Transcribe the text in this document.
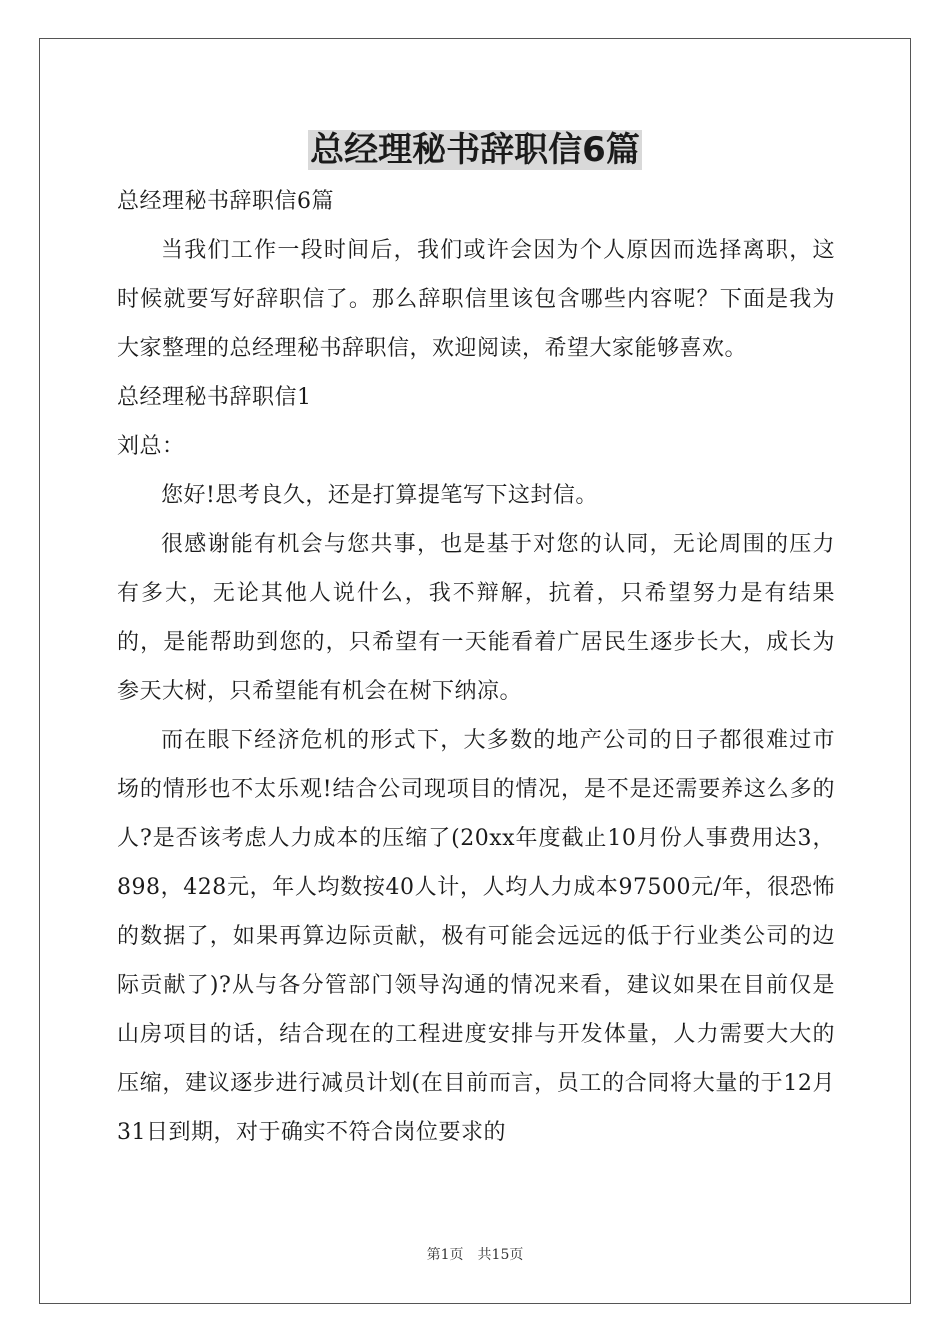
总经理秘书辞职信6篇

总经理秘书辞职信6篇

当我们工作一段时间后，我们或许会因为个人原因而选择离职，这时候就要写好辞职信了。那么辞职信里该包含哪些内容呢？下面是我为大家整理的总经理秘书辞职信，欢迎阅读，希望大家能够喜欢。

总经理秘书辞职信1

刘总：

您好!思考良久，还是打算提笔写下这封信。

很感谢能有机会与您共事，也是基于对您的认同，无论周围的压力有多大，无论其他人说什么，我不辩解，抗着，只希望努力是有结果的，是能帮助到您的，只希望有一天能看着广居民生逐步长大，成长为参天大树，只希望能有机会在树下纳凉。

而在眼下经济危机的形式下，大多数的地产公司的日子都很难过市场的情形也不太乐观!结合公司现项目的情况，是不是还需要养这么多的人?是否该考虑人力成本的压缩了(20xx年度截止10月份人事费用达3，898，428元，年人均数按40人计，人均人力成本97500元/年，很恐怖的数据了，如果再算边际贡献，极有可能会远远的低于行业类公司的边际贡献了)?从与各分管部门领导沟通的情况来看，建议如果在目前仅是山房项目的话，结合现在的工程进度安排与开发体量，人力需要大大的压缩，建议逐步进行减员计划(在目前而言，员工的合同将大量的于12月31日到期，对于确实不符合岗位要求的

第1页　共15页
